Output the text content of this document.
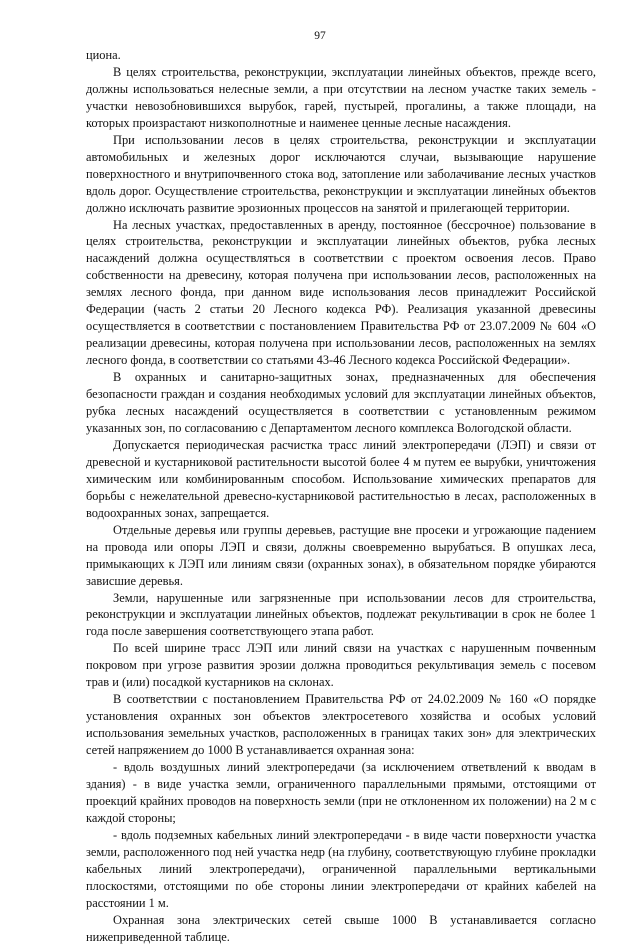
97

циона.

В целях строительства, реконструкции, эксплуатации линейных объектов, прежде всего, должны использоваться нелесные земли, а при отсутствии на лесном участке таких земель - участки невозобновившихся вырубок, гарей, пустырей, прогалины, а также площади, на которых произрастают низкополнотные и наименее ценные лесные насаждения.

При использовании лесов в целях строительства, реконструкции и эксплуатации автомобильных и железных дорог исключаются случаи, вызывающие нарушение поверхностного и внутрипочвенного стока вод, затопление или заболачивание лесных участков вдоль дорог. Осуществление строительства, реконструкции и эксплуатации линейных объектов должно исключать развитие эрозионных процессов на занятой и прилегающей территории.

На лесных участках, предоставленных в аренду, постоянное (бессрочное) пользование в целях строительства, реконструкции и эксплуатации линейных объектов, рубка лесных насаждений должна осуществляться в соответствии с проектом освоения лесов. Право собственности на древесину, которая получена при использовании лесов, расположенных на землях лесного фонда, при данном виде использования лесов принадлежит Российской Федерации (часть 2 статьи 20 Лесного кодекса РФ). Реализация указанной древесины осуществляется в соответствии с постановлением Правительства РФ от 23.07.2009 № 604 «О реализации древесины, которая получена при использовании лесов, расположенных на землях лесного фонда, в соответствии со статьями 43-46 Лесного кодекса Российской Федерации».

В охранных и санитарно-защитных зонах, предназначенных для обеспечения безопасности граждан и создания необходимых условий для эксплуатации линейных объектов, рубка лесных насаждений осуществляется в соответствии с установленным режимом указанных зон, по согласованию с Департаментом лесного комплекса Вологодской области.

Допускается периодическая расчистка трасс линий электропередачи (ЛЭП) и связи от древесной и кустарниковой растительности высотой более 4 м путем ее вырубки, уничтожения химическим или комбинированным способом. Использование химических препаратов для борьбы с нежелательной древесно-кустарниковой растительностью в лесах, расположенных в водоохранных зонах, запрещается.

Отдельные деревья или группы деревьев, растущие вне просеки и угрожающие падением на провода или опоры ЛЭП и связи, должны своевременно вырубаться. В опушках леса, примыкающих к ЛЭП или линиям связи (охранных зонах), в обязательном порядке убираются зависшие деревья.

Земли, нарушенные или загрязненные при использовании лесов для строительства, реконструкции и эксплуатации линейных объектов, подлежат рекультивации в срок не более 1 года после завершения соответствующего этапа работ.

По всей ширине трасс ЛЭП или линий связи на участках с нарушенным почвенным покровом при угрозе развития эрозии должна проводиться рекультивация земель с посевом трав и (или) посадкой кустарников на склонах.

В соответствии с постановлением Правительства РФ от 24.02.2009 № 160 «О порядке установления охранных зон объектов электросетевого хозяйства и особых условий использования земельных участков, расположенных в границах таких зон» для электрических сетей напряжением до 1000 В устанавливается охранная зона:

- вдоль воздушных линий электропередачи (за исключением ответвлений к вводам в здания) - в виде участка земли, ограниченного параллельными прямыми, отстоящими от проекций крайних проводов на поверхность земли (при не отклоненном их положении) на 2 м с каждой стороны;

- вдоль подземных кабельных линий электропередачи - в виде части поверхности участка земли, расположенного под ней участка недр (на глубину, соответствующую глубине прокладки кабельных линий электропередачи), ограниченной параллельными вертикальными плоскостями, отстоящими по обе стороны линии электропередачи от крайних кабелей на расстоянии 1 м.

Охранная зона электрических сетей свыше 1000 В устанавливается согласно нижеприведенной таблице.
